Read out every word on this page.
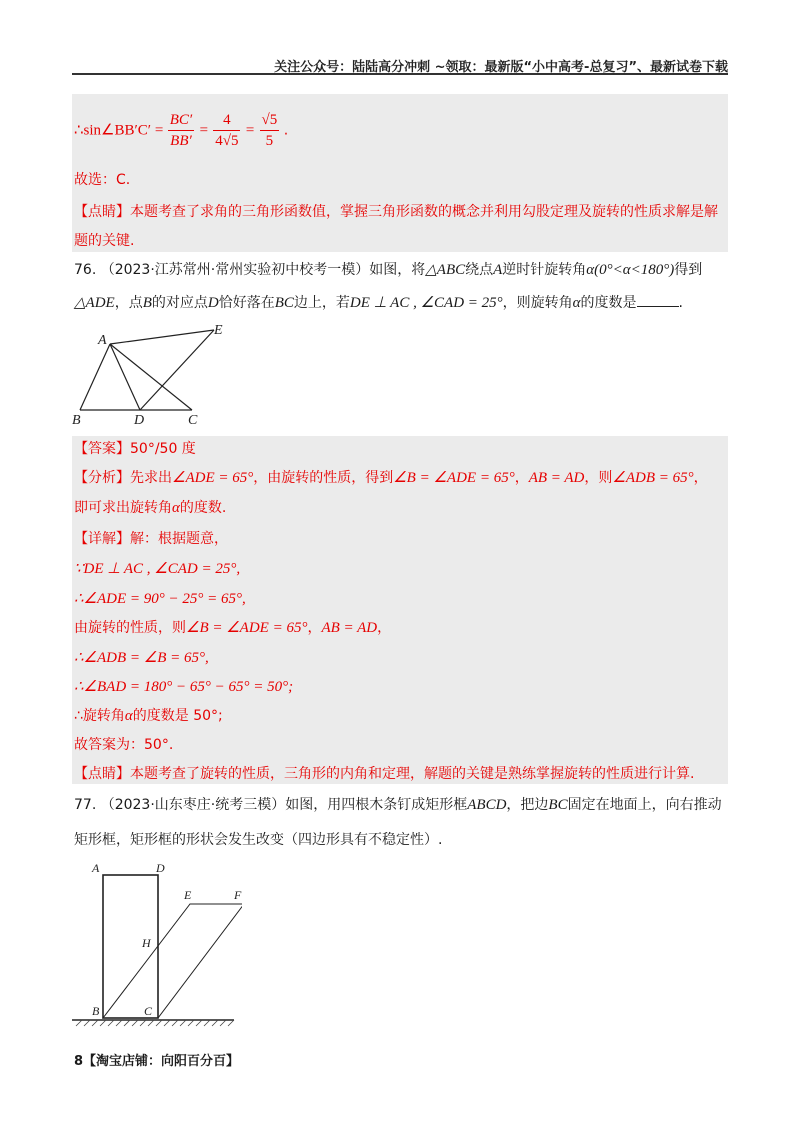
关注公众号：陆陆高分冲刺 ~领取：最新版“小中高考-总复习”、最新试卷下载
∴sin∠BB′C′ = $\frac{BC'}{BB'} = \frac{4}{4√5} = \frac{√5}{5}$ .
故选：C.
【点睛】本题考查了求角的三角形函数值，掌握三角形函数的概念并利用勾股定理及旋转的性质求解是解
题的关键.
76. （2023·江苏常州·常州实验初中校考一模）如图，将△ABC绕点A逆时针旋转角α(0°<α<180°)得到
△ADE，点B的对应点D恰好落在BC边上，若DE ⊥ AC , ∠CAD = 25°，则旋转角α的度数是	.
A
B	D	C
E
【答案】50°/50 度
【分析】先求出∠ADE = 65°，由旋转的性质，得到∠B = ∠ADE = 65°，AB = AD，则∠ADB = 65°，
即可求出旋转角α的度数.
【详解】解：根据题意，
∵DE ⊥ AC , ∠CAD = 25°,
∴∠ADE = 90° − 25° = 65°,
由旋转的性质，则∠B = ∠ADE = 65°，AB = AD，
∴∠ADB = ∠B = 65°,
∴∠BAD = 180° − 65° − 65° = 50°;
∴旋转角α的度数是 50°;
故答案为：50°.
【点睛】本题考查了旋转的性质，三角形的内角和定理，解题的关键是熟练掌握旋转的性质进行计算.
77. （2023·山东枣庄·统考三模）如图，用四根木条钉成矩形框ABCD，把边BC固定在地面上，向右推动
矩形框，矩形框的形状会发生改变（四边形具有不稳定性）.
A	D
E	F
H
B	C
8【淘宝店铺：向阳百分百】
